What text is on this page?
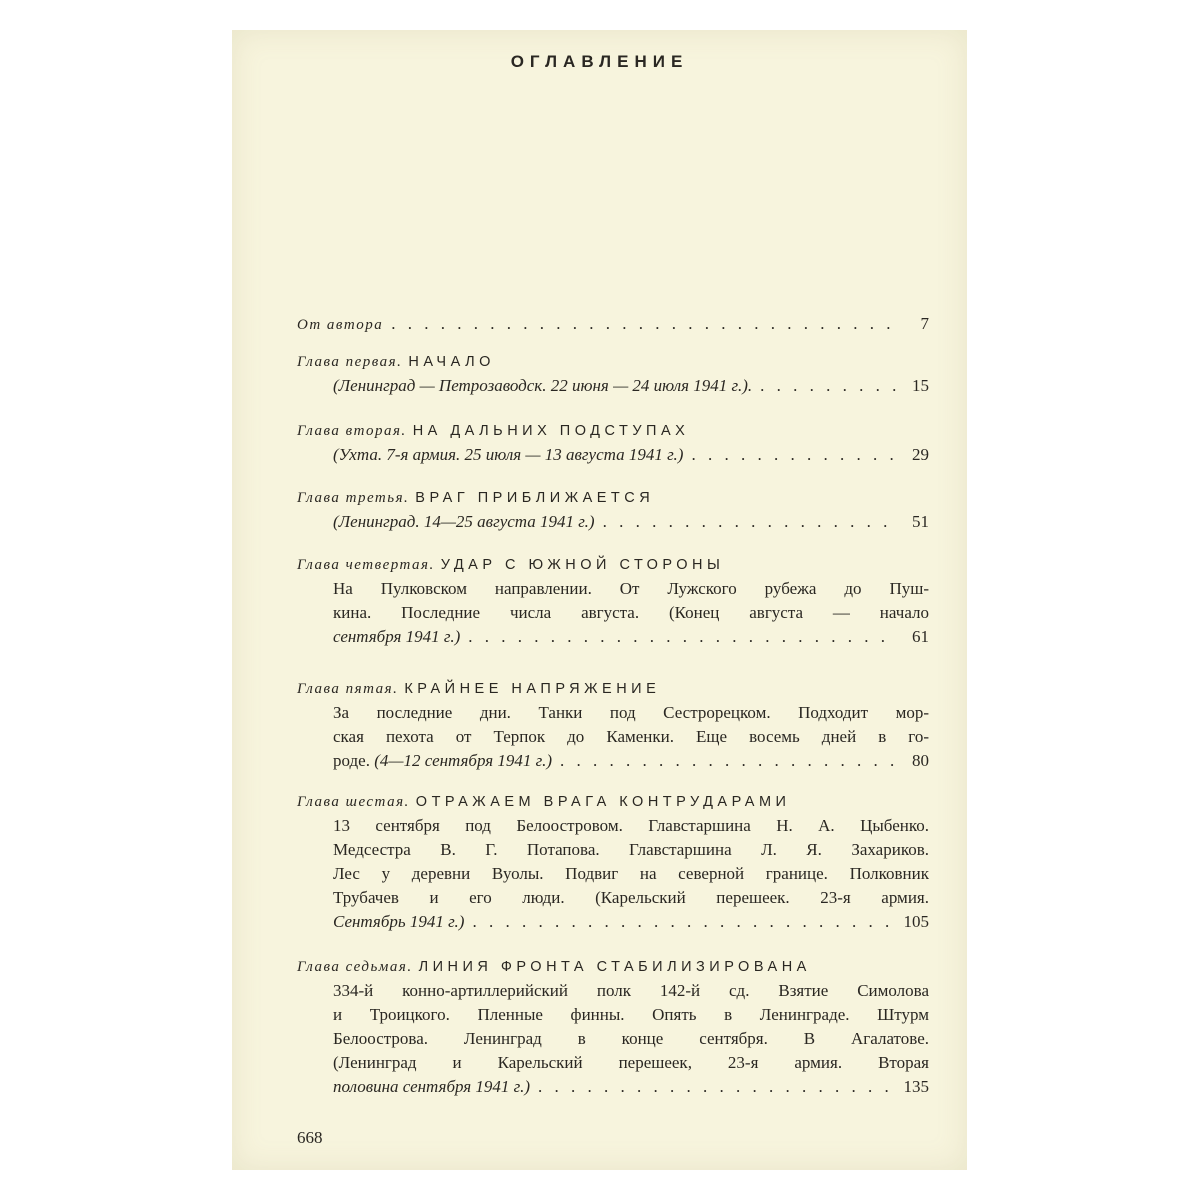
ОГЛАВЛЕНИЕ
От автора . . .	7
Глава первая. НАЧАЛО
(Ленинград — Петрозаводск. 22 июня — 24 июля 1941 г.). . . .	15
Глава вторая. НА ДАЛЬНИХ ПОДСТУПАХ
(Ухта. 7-я армия. 25 июля — 13 августа 1941 г.) . . .	29
Глава третья. ВРАГ ПРИБЛИЖАЕТСЯ
(Ленинград. 14—25 августа 1941 г.) . . .	51
Глава четвертая. УДАР С ЮЖНОЙ СТОРОНЫ
На Пулковском направлении. От Лужского рубежа до Пуш-
кина. Последние числа августа. (Конец августа — начало
сентября 1941 г.) . . .	61
Глава пятая. КРАЙНЕЕ НАПРЯЖЕНИЕ
За последние дни. Танки под Сестрорецком. Подходит мор-
ская пехота от Терпок до Каменки. Еще восемь дней в го-
роде.
(4—12 сентября 1941 г.) . . .	80
Глава шестая. ОТРАЖАЕМ ВРАГА КОНТРУДАРАМИ
13 сентября под Белоостровом. Главстаршина Н. А. Цыбенко.
Медсестра В. Г. Потапова. Главстаршина Л. Я. Захариков.
Лес у деревни Вуолы. Подвиг на северной границе. Полковник
Трубачев и его люди. (Карельский перешеек. 23-я армия.
Сентябрь 1941 г.) . . .	105
Глава седьмая. ЛИНИЯ ФРОНТА СТАБИЛИЗИРОВАНА
334-й конно-артиллерийский полк 142-й сд. Взятие Симолова
и Троицкого. Пленные финны. Опять в Ленинграде. Штурм
Белоострова. Ленинград в конце сентября. В Агалатове.
(Ленинград и Карельский перешеек, 23-я армия. Вторая
половина сентября 1941 г.) . . .	135
668
